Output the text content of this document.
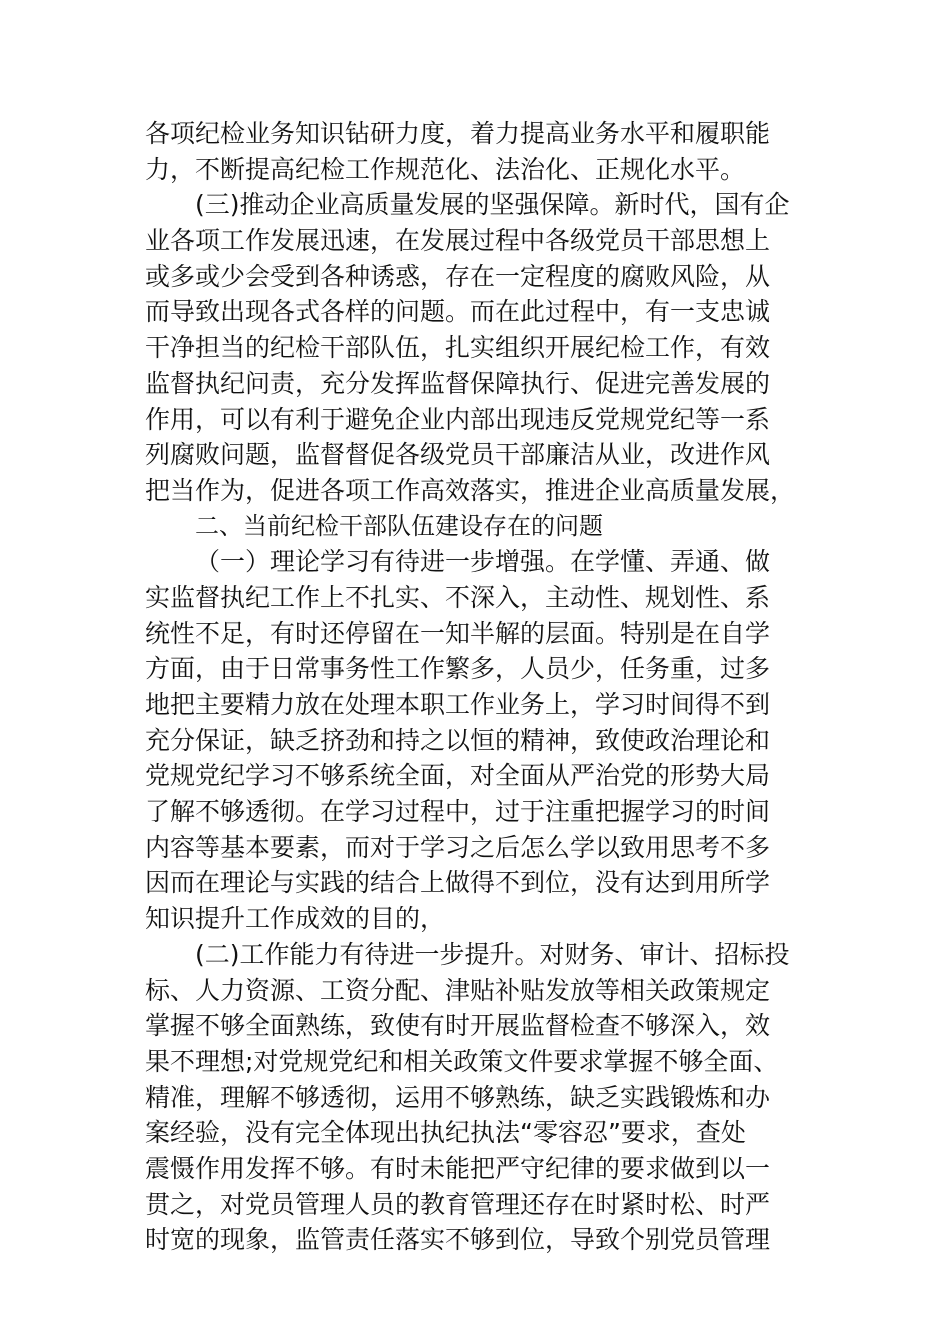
各项纪检业务知识钻研力度，着力提高业务水平和履职能
力，不断提高纪检工作规范化、法治化、正规化水平。
(三)推动企业高质量发展的坚强保障。新时代，国有企
业各项工作发展迅速，在发展过程中各级党员干部思想上
或多或少会受到各种诱惑，存在一定程度的腐败风险，从
而导致出现各式各样的问题。而在此过程中，有一支忠诚
干净担当的纪检干部队伍，扎实组织开展纪检工作，有效
监督执纪问责，充分发挥监督保障执行、促进完善发展的
作用，可以有利于避免企业内部出现违反党规党纪等一系
列腐败问题，监督督促各级党员干部廉洁从业，改进作风
把当作为，促进各项工作高效落实，推进企业高质量发展，
二、当前纪检干部队伍建设存在的问题
（一）理论学习有待进一步增强。在学懂、弄通、做
实监督执纪工作上不扎实、不深入，主动性、规划性、系
统性不足，有时还停留在一知半解的层面。特别是在自学
方面，由于日常事务性工作繁多，人员少，任务重，过多
地把主要精力放在处理本职工作业务上，学习时间得不到
充分保证，缺乏挤劲和持之以恒的精神，致使政治理论和
党规党纪学习不够系统全面，对全面从严治党的形势大局
了解不够透彻。在学习过程中，过于注重把握学习的时间
内容等基本要素，而对于学习之后怎么学以致用思考不多
因而在理论与实践的结合上做得不到位，没有达到用所学
知识提升工作成效的目的，
(二)工作能力有待进一步提升。对财务、审计、招标投
标、人力资源、工资分配、津贴补贴发放等相关政策规定
掌握不够全面熟练，致使有时开展监督检查不够深入，效
果不理想;对党规党纪和相关政策文件要求掌握不够全面、
精准，理解不够透彻，运用不够熟练，缺乏实践锻炼和办
案经验，没有完全体现出执纪执法“零容忍”要求，查处
震慑作用发挥不够。有时未能把严守纪律的要求做到以一
贯之，对党员管理人员的教育管理还存在时紧时松、时严
时宽的现象，监管责任落实不够到位，导致个别党员管理
